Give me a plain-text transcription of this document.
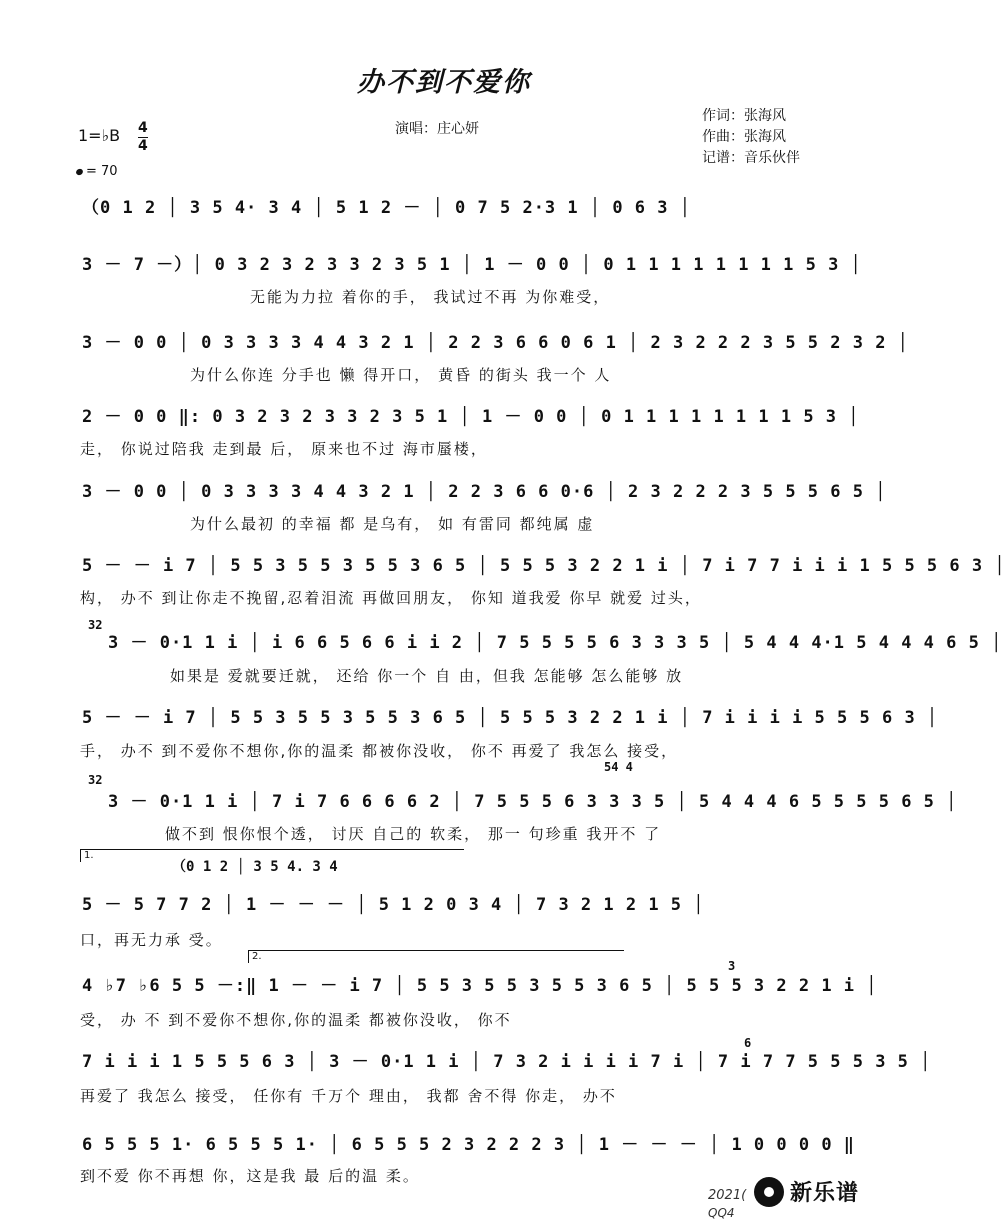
办不到不爱你
演唱：庄心妍
作词：张海风
作曲：张海风
记谱：音乐伙伴
1=♭B 4
4
= 70
（0 1 2 │ 3 5 4· 3 4 │ 5 1 2 － │ 0 7 5 2·3 1 │ 0 6 3 │
3 － 7 －）│ 0 3 2 3 2 3 3 2 3 5 1 │ 1 － 0 0 │ 0 1 1 1 1 1 1 1 1 5 3 │
无能为力拉 着你的手， 我试过不再 为你难受，
3 － 0 0 │ 0 3 3 3 3 4 4 3 2 1 │ 2 2 3 6 6 0 6 1 │ 2 3 2 2 2 3 5 5 2 3 2 │
为什么你连 分手也 懒 得开口， 黄昏 的街头 我一个 人
2 － 0 0 ‖: 0 3 2 3 2 3 3 2 3 5 1 │ 1 － 0 0 │ 0 1 1 1 1 1 1 1 1 5 3 │
走， 你说过陪我 走到最 后， 原来也不过 海市蜃楼，
3 － 0 0 │ 0 3 3 3 3 4 4 3 2 1 │ 2 2 3 6 6 0·6 │ 2 3 2 2 2 3 5 5 5 6 5 │
为什么最初 的幸福 都 是乌有， 如 有雷同 都纯属 虚
5 － － i 7 │ 5 5 3 5 5 3 5 5 3 6 5 │ 5 5 5 3 2 2 1 i │ 7 i 7 7 i i i 1 5 5 5 6 3 │
构， 办不 到让你走不挽留,忍着泪流 再做回朋友， 你知 道我爱 你早 就爱 过头，
32
3 － 0·1 1 i │ i 6 6 5 6 6 i i 2 │ 7 5 5 5 5 6 3 3 3 5 │ 5 4 4 4·1 5 4 4 4 6 5 │
如果是 爱就要迁就， 还给 你一个 自 由，但我 怎能够 怎么能够 放
5 － － i 7 │ 5 5 3 5 5 3 5 5 3 6 5 │ 5 5 5 3 2 2 1 i │ 7 i i i i 5 5 5 6 3 │
手， 办不 到不爱你不想你,你的温柔 都被你没收， 你不 再爱了 我怎么 接受，
32
54 4
3 － 0·1 1 i │ 7 i 7 6 6 6 6 2 │ 7 5 5 5 6 3 3 3 5 │ 5 4 4 4 6 5 5 5 5 6 5 │
做不到 恨你恨个透， 讨厌 自己的 软柔， 那一 句珍重 我开不 了
1.
（0 1 2 │ 3 5 4. 3 4
5 － 5 7 7 2 │ 1 － － － │ 5 1 2 0 3 4 │ 7 3 2 1 2 1 5 │
口，再无力承 受。
2.
3
4 ♭7 ♭6 5 5 －:‖ 1 － － i 7 │ 5 5 3 5 5 3 5 5 3 6 5 │ 5 5 5 3 2 2 1 i │
受， 办 不 到不爱你不想你,你的温柔 都被你没收， 你不
6
7 i i i 1 5 5 5 6 3 │ 3 － 0·1 1 i │ 7 3 2 i i i i 7 i │ 7 i 7 7 5 5 5 3 5 │
再爱了 我怎么 接受， 任你有 千万个 理由， 我都 舍不得 你走， 办不
6 5 5 5 1· 6 5 5 5 1· │ 6 5 5 5 2 3 2 2 2 3 │ 1 － － － │ 1 0 0 0 0 ‖
到不爱 你不再想 你，这是我 最 后的温 柔。
2021(
QQ4
新乐谱
